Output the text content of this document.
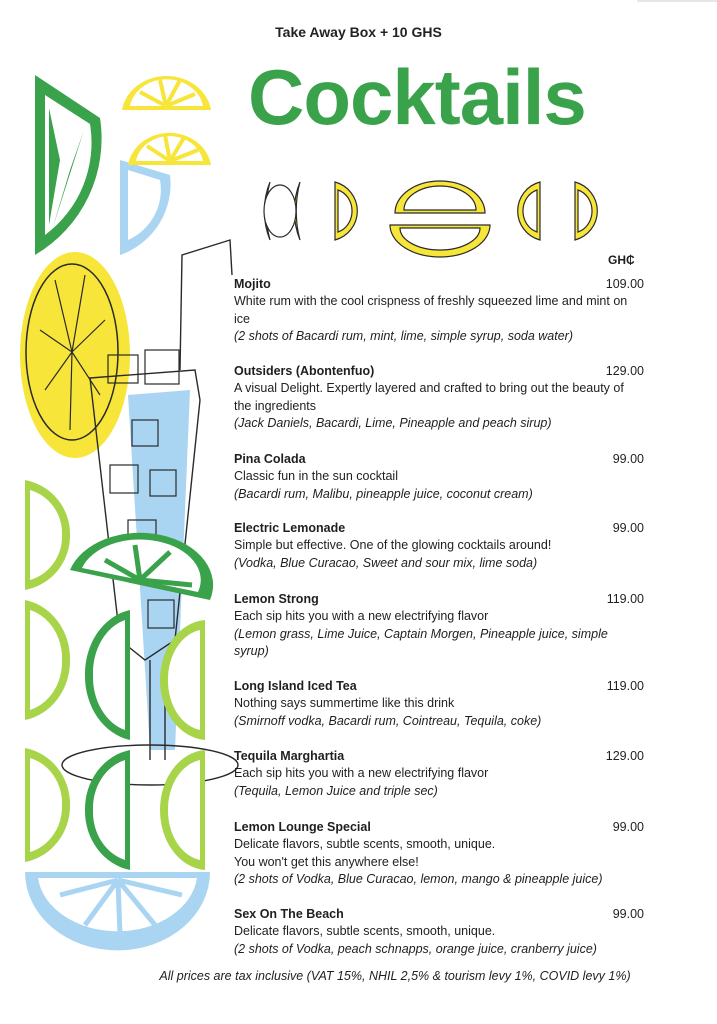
Take Away Box + 10 GHS
Cocktails
GH₵
Mojito	109.00
White rum with the cool crispness of freshly squeezed lime and mint on ice
(2 shots of Bacardi rum, mint, lime, simple syrup, soda water)
Outsiders (Abontenfuo)	129.00
A visual Delight. Expertly layered and crafted to bring out the beauty of the ingredients
(Jack Daniels, Bacardi, Lime, Pineapple and peach sirup)
Pina Colada	99.00
Classic fun in the sun cocktail
(Bacardi rum, Malibu, pineapple juice, coconut cream)
Electric Lemonade	99.00
Simple but effective. One of the glowing cocktails around!
(Vodka, Blue Curacao, Sweet and sour mix, lime soda)
Lemon Strong	119.00
Each sip hits you with a new electrifying flavor
(Lemon grass, Lime Juice, Captain Morgen, Pineapple juice, simple syrup)
Long Island Iced Tea	119.00
Nothing says summertime like this drink
(Smirnoff vodka, Bacardi rum, Cointreau, Tequila, coke)
Tequila Marghartia	129.00
Each sip hits you with a new electrifying flavor
(Tequila, Lemon Juice and triple sec)
Lemon Lounge Special	99.00
Delicate flavors, subtle scents, smooth, unique.
You won't get this anywhere else!
(2 shots of Vodka, Blue Curacao, lemon, mango & pineapple juice)
Sex On The Beach	99.00
Delicate flavors, subtle scents, smooth, unique.
(2 shots of Vodka, peach schnapps, orange juice, cranberry juice)
All prices are tax inclusive (VAT 15%, NHIL 2,5% & tourism levy 1%, COVID levy 1%)
